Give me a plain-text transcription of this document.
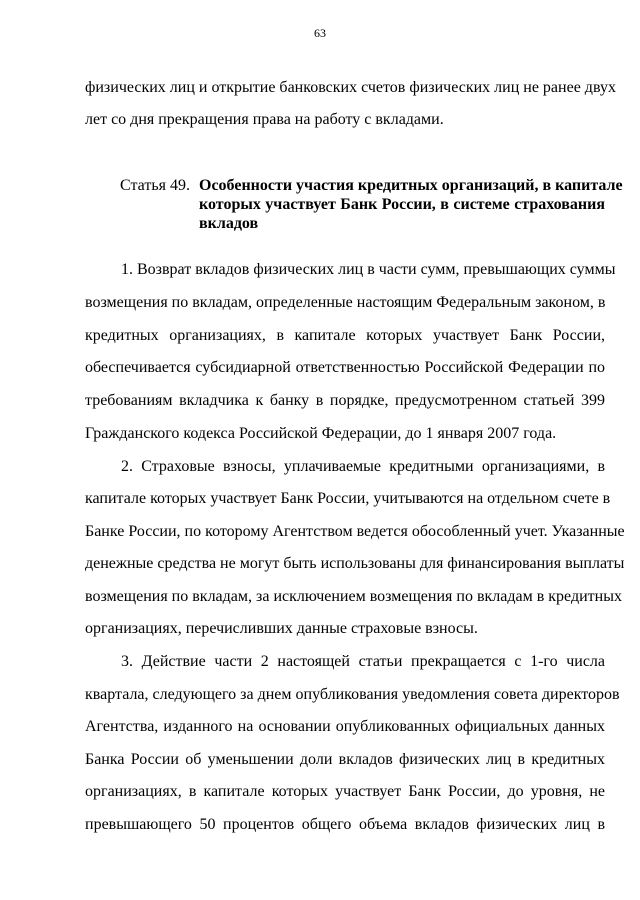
63
физических лиц и открытие банковских счетов физических лиц не ранее двух
лет со дня прекращения права на работу с вкладами.
Статья 49. Особенности участия кредитных организаций, в капитале
которых участвует Банк России, в системе страхования
вкладов
1. Возврат вкладов физических лиц в части сумм, превышающих суммы
возмещения по вкладам, определенные настоящим Федеральным законом, в
кредитных организациях, в капитале которых участвует Банк России,
обеспечивается субсидиарной ответственностью Российской Федерации по
требованиям вкладчика к банку в порядке, предусмотренном статьей 399
Гражданского кодекса Российской Федерации, до 1 января 2007 года.
2. Страховые взносы, уплачиваемые кредитными организациями, в
капитале которых участвует Банк России, учитываются на отдельном счете в
Банке России, по которому Агентством ведется обособленный учет. Указанные
денежные средства не могут быть использованы для финансирования выплаты
возмещения по вкладам, за исключением возмещения по вкладам в кредитных
организациях, перечисливших данные страховые взносы.
3. Действие части 2 настоящей статьи прекращается с 1-го числа
квартала, следующего за днем опубликования уведомления совета директоров
Агентства, изданного на основании опубликованных официальных данных
Банка России об уменьшении доли вкладов физических лиц в кредитных
организациях, в капитале которых участвует Банк России, до уровня, не
превышающего 50 процентов общего объема вкладов физических лиц в
